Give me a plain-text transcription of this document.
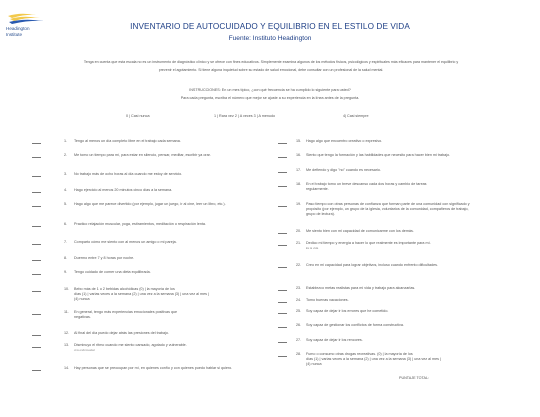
Headington
Institute
INVENTARIO DE AUTOCUIDADO Y EQUILIBRIO EN EL ESTILO DE VIDA
Fuente: Instituto Headington
Tenga en cuenta que esta escala no es un instrumento de diagnóstico clínico y se ofrece con fines educativos. Simplemente examina algunos de los métodos físicos, psicológicos y espirituales más eficaces para mantener el equilibrio y
prevenir el agotamiento. Si tiene alguna inquietud sobre su estado de salud emocional, debe consultar con un profesional de la salud mental.
INSTRUCCIONES: En un mes típico, ¿con qué frecuencia se ha cumplido lo siguiente para usted?
Para cada pregunta, escriba el número que mejor se ajuste a su experiencia en la línea antes de la pregunta.
0 | Casi nunca	1 | Rara vez 2 | A veces 3 | A menudo	4| Casi siempre
1. Tengo al menos un día completo libre en el trabajo cada semana.
2. Me tomo un tiempo para mí, para estar en silencio, pensar, meditar, escribir ya orar.
3. No trabajo más de ocho horas al día cuando me estoy de servicio.
4. Hago ejercicio al menos 20 minutos cinco días a la semana.
5. Hago algo que me parece divertido (por ejemplo, jugar un juego, ir al cine, leer un libro, etc.).
6. Practico relajación muscular, yoga, estiramientos, meditación o respiración lenta.
7. Comparto cómo me siento con al menos un amigo o mi pareja.
8. Duermo entre 7 y 8 horas por noche.
9. Tengo cuidado de comer una dieta equilibrada.
10. Bebo más de 1 o 2 bebidas alcohólicas (0) | la mayoría de los
días (1) | varias veces a la semana (2) | una vez a la semana (3) | una vez al mes |
(4) nunca
11. En general, tengo más experiencias emocionales positivas que
negativas.
12. Al final del día puedo dejar atrás las presiones del trabajo.
13. Disminuyo el ritmo cuando me siento cansado, agotado y vulnerable.
A la enfermedad.
14. Hay personas que se preocupan por mí, en quienes confío y con quienes puedo hablar si quiero.
15. Hago algo que encuentro creativo o expresivo.
16. Siento que tengo la formación y las habilidades que necesito para hacer bien mi trabajo.
17. Me defiendo y digo "no" cuando es necesario.
18. En el trabajo tomo un breve descanso cada dos horas y cambio de tareas
regularmente.
19. Paso tiempo con otras personas de confianza que forman parte de una comunidad con significado y
propósito (por ejemplo, un grupo de la iglesia, voluntarios de la comunidad, compañeros de trabajo,
grupo de lectura).
20. Me siento bien con mi capacidad de comunicarme con los demás.
21. Dedico mi tiempo y energía a hacer lo que realmente es importante para mí.
Es la vida.
22. Creo en mi capacidad para lograr objetivos, incluso cuando enfrento dificultades.
23. Establezco metas realistas para mi vida y trabajo para alcanzarlas.
24. Tomo buenas vacaciones.
25. Soy capaz de dejar ir los errores que he cometido.
26. Soy capaz de gestionar los conflictos de forma constructiva.
27. Soy capaz de dejar ir los rencores.
28. Fumo o consumo otras drogas recreativas. (0) | la mayoría de los
días (1) | varias veces a la semana (2) | una vez a la semana (3) | una vez al mes |
(4) nunca
PUNTAJE TOTAL:
